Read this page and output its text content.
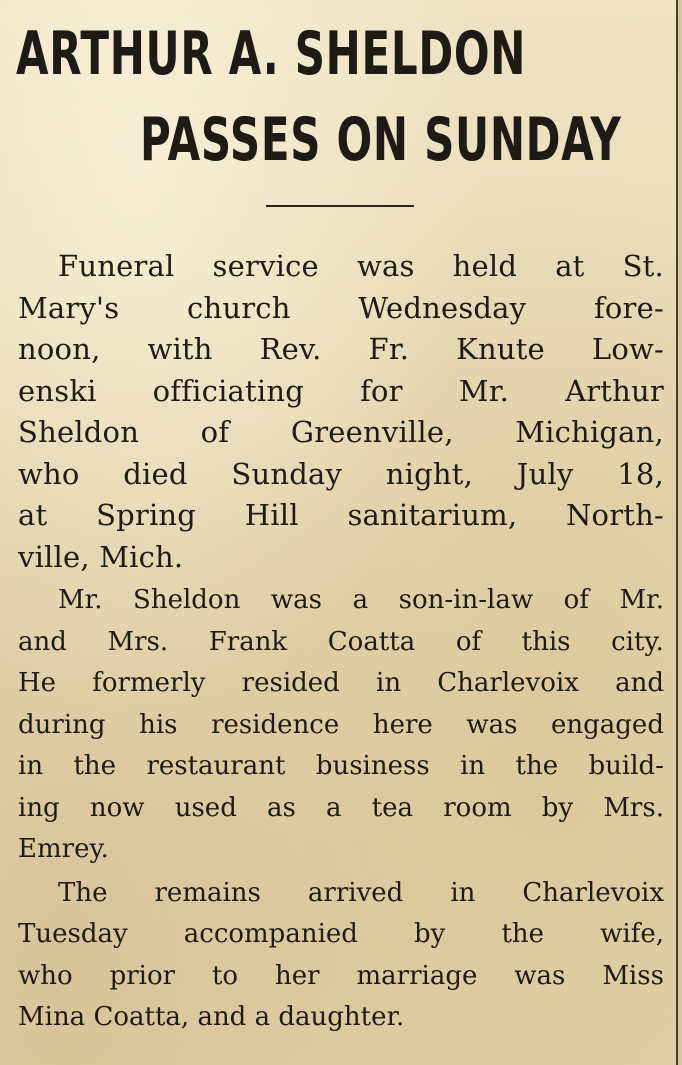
ARTHUR A. SHELDON
PASSES ON SUNDAY
Funeral service was held at St.
Mary's church Wednesday fore-
noon, with Rev. Fr. Knute Low-
enski officiating for Mr. Arthur
Sheldon of Greenville, Michigan,
who died Sunday night, July 18,
at Spring Hill sanitarium, North-
ville, Mich.
Mr. Sheldon was a son-in-law of Mr.
and Mrs. Frank Coatta of this city.
He formerly resided in Charlevoix and
during his residence here was engaged
in the restaurant business in the build-
ing now used as a tea room by Mrs.
Emrey.
The remains arrived in Charlevoix
Tuesday accompanied by the wife,
who prior to her marriage was Miss
Mina Coatta, and a daughter.
